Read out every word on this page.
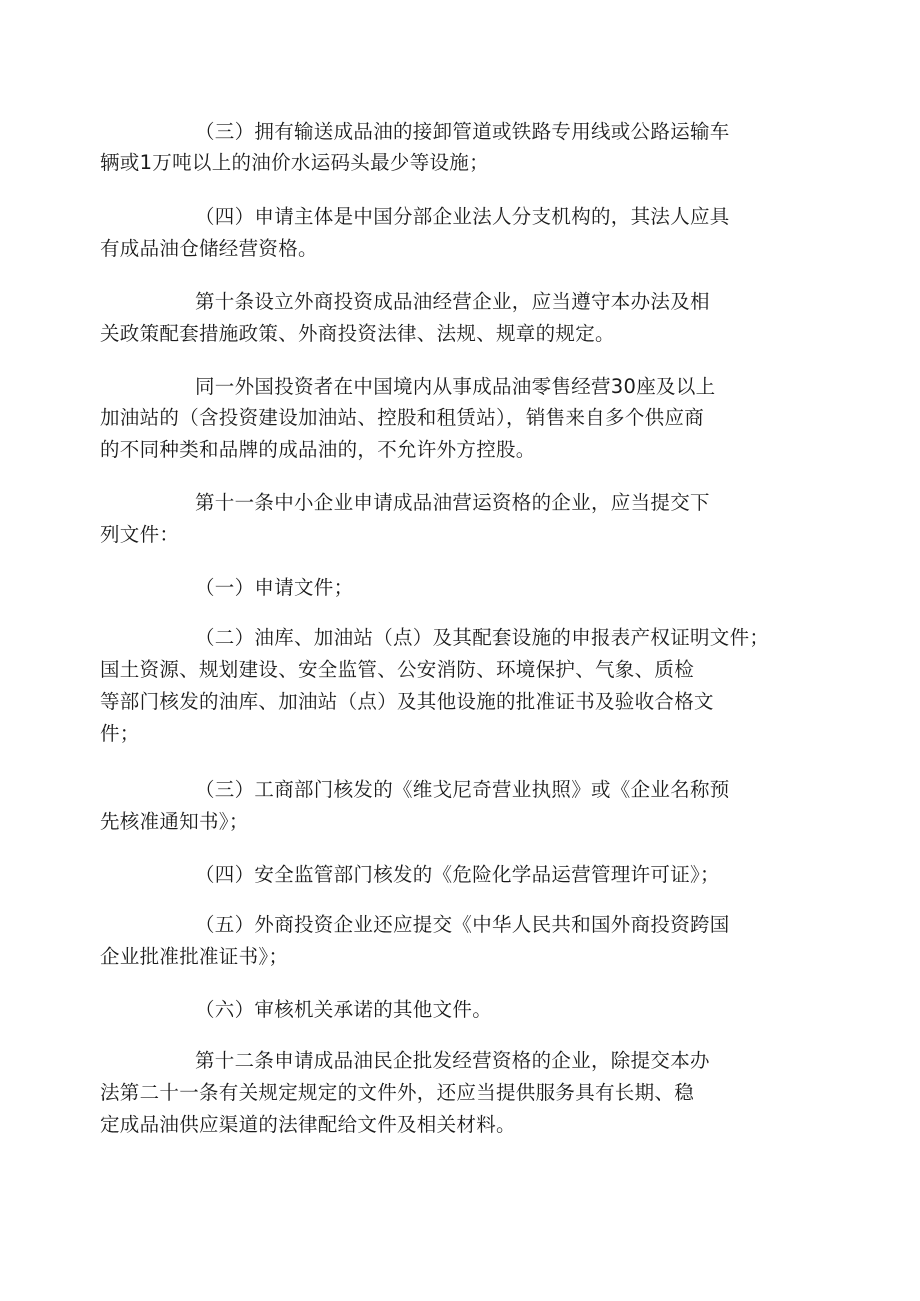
（三）拥有输送成品油的接卸管道或铁路专用线或公路运输车
辆或1万吨以上的油价水运码头最少等设施；
（四）申请主体是中国分部企业法人分支机构的，其法人应具
有成品油仓储经营资格。
第十条设立外商投资成品油经营企业，应当遵守本办法及相
关政策配套措施政策、外商投资法律、法规、规章的规定。
同一外国投资者在中国境内从事成品油零售经营30座及以上
加油站的（含投资建设加油站、控股和租赁站），销售来自多个供应商
的不同种类和品牌的成品油的，不允许外方控股。
第十一条中小企业申请成品油营运资格的企业，应当提交下
列文件：
（一）申请文件；
（二）油库、加油站（点）及其配套设施的申报表产权证明文件；
国土资源、规划建设、安全监管、公安消防、环境保护、气象、质检
等部门核发的油库、加油站（点）及其他设施的批准证书及验收合格文
件；
（三）工商部门核发的《维戈尼奇营业执照》或《企业名称预
先核准通知书》；
（四）安全监管部门核发的《危险化学品运营管理许可证》；
（五）外商投资企业还应提交《中华人民共和国外商投资跨国
企业批准批准证书》；
（六）审核机关承诺的其他文件。
第十二条申请成品油民企批发经营资格的企业，除提交本办
法第二十一条有关规定规定的文件外，还应当提供服务具有长期、稳
定成品油供应渠道的法律配给文件及相关材料。
